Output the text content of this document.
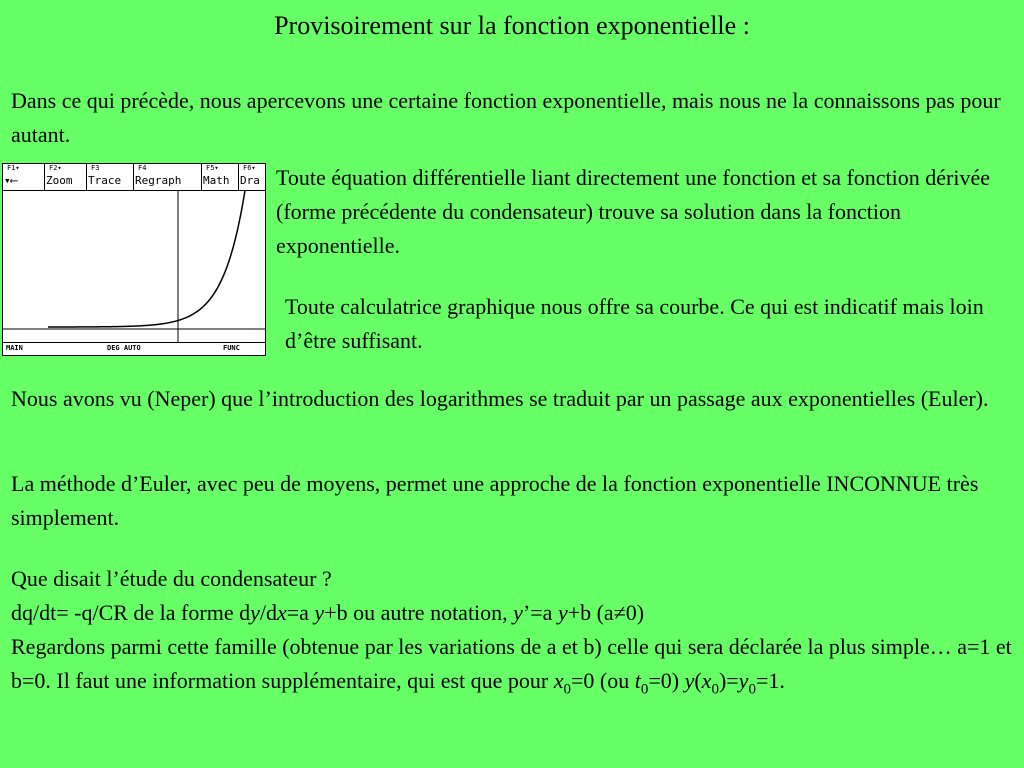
Provisoirement sur la fonction exponentielle :

Dans ce qui précède, nous apercevons une certaine fonction exponentielle, mais nous ne la connaissons pas pour autant.

F1▾
▾⟵
F2▾
Zoom
F3
Trace
F4
Regraph
F5▾
Math
F6▾
Dra
MAIN	DEG AUTO	FUNC

Toute équation différentielle liant directement une fonction et sa fonction dérivée (forme précédente du condensateur) trouve sa solution dans la fonction exponentielle.

Toute calculatrice graphique nous offre sa courbe. Ce qui est indicatif mais loin d’être suffisant.

Nous avons vu (Neper) que l’introduction des logarithmes se traduit par un passage aux exponentielles (Euler).

La méthode d’Euler, avec peu de moyens, permet une approche de la fonction exponentielle INCONNUE très simplement.

Que disait l’étude du condensateur ?
dq/dt= -q/CR de la forme dy/dx=a y+b ou autre notation, y’=a y+b (a≠0)
Regardons parmi cette famille (obtenue par les variations de a et b) celle qui sera déclarée la plus simple… a=1 et b=0. Il faut une information supplémentaire, qui est que pour $x_0=0$ (ou $t_0=0$) $y(x_0)=y_0=1$.
